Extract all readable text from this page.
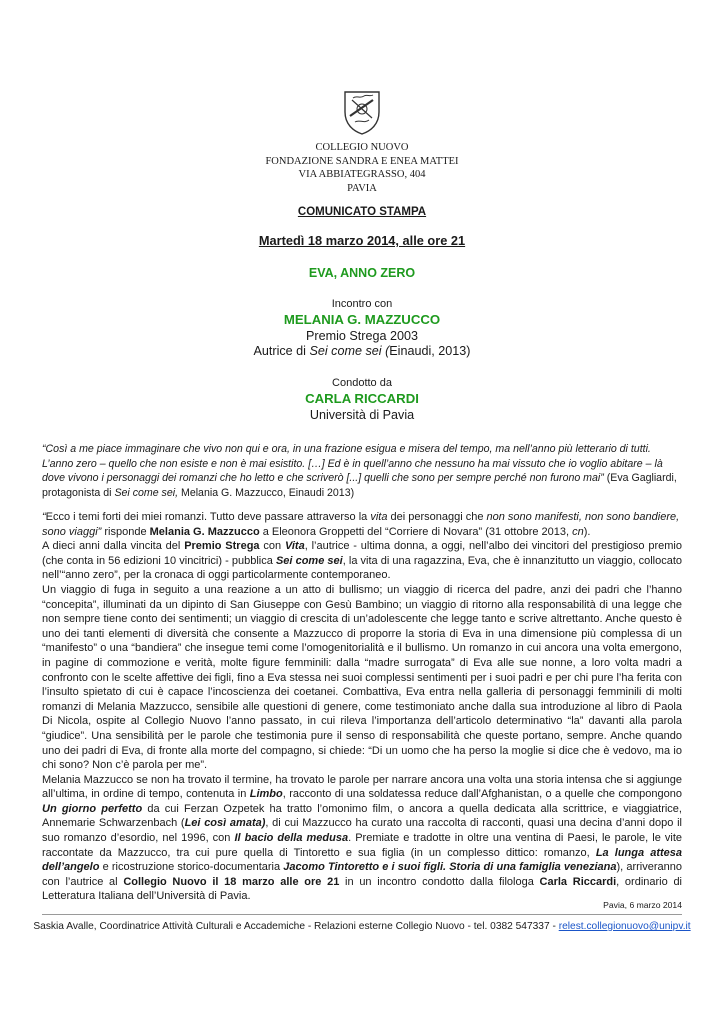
COLLEGIO NUOVO
FONDAZIONE SANDRA E ENEA MATTEI
VIA ABBIATEGRASSO, 404
PAVIA
COMUNICATO STAMPA
Martedì 18 marzo 2014, alle ore 21
EVA, ANNO ZERO
Incontro con
MELANIA G. MAZZUCCO
Premio Strega 2003
Autrice di Sei come sei (Einaudi, 2013)
Condotto da
CARLA RICCARDI
Università di Pavia
“Così a me piace immaginare che vivo non qui e ora, in una frazione esigua e misera del tempo, ma nell’anno più letterario di tutti. L’anno zero – quello che non esiste e non è mai esistito. […] Ed è in quell’anno che nessuno ha mai vissuto che io voglio abitare – là dove vivono i personaggi dei romanzi che ho letto e che scriverò [...] quelli che sono per sempre perché non furono mai” (Eva Gagliardi, protagonista di Sei come sei, Melania G. Mazzucco, Einaudi 2013)

“Ecco i temi forti dei miei romanzi. Tutto deve passare attraverso la vita dei personaggi che non sono manifesti, non sono bandiere, sono viaggi” risponde Melania G. Mazzucco a Eleonora Groppetti del “Corriere di Novara” (31 ottobre 2013, cn).

A dieci anni dalla vincita del Premio Strega con Vita, l’autrice - ultima donna, a oggi, nell’albo dei vincitori del prestigioso premio (che conta in 56 edizioni 10 vincitrici) - pubblica Sei come sei, la vita di una ragazzina, Eva, che è innanzitutto un viaggio, collocato nell’“anno zero”, per la cronaca di oggi particolarmente contemporaneo.

Un viaggio di fuga in seguito a una reazione a un atto di bullismo; un viaggio di ricerca del padre, anzi dei padri che l’hanno “concepita”, illuminati da un dipinto di San Giuseppe con Gesù Bambino; un viaggio di ritorno alla responsabilità di una legge che non sempre tiene conto dei sentimenti; un viaggio di crescita di un’adolescente che legge tanto e scrive altrettanto. Anche questo è uno dei tanti elementi di diversità che consente a Mazzucco di proporre la storia di Eva in una dimensione più complessa di un “manifesto” o una “bandiera” che insegue temi come l’omogenitorialità e il bullismo. Un romanzo in cui ancora una volta emergono, in pagine di commozione e verità, molte figure femminili: dalla “madre surrogata” di Eva alle sue nonne, a loro volta madri a confronto con le scelte affettive dei figli, fino a Eva stessa nei suoi complessi sentimenti per i suoi padri e per chi pure l’ha ferita con l’insulto spietato di cui è capace l’incoscienza dei coetanei. Combattiva, Eva entra nella galleria di personaggi femminili di molti romanzi di Melania Mazzucco, sensibile alle questioni di genere, come testimoniato anche dalla sua introduzione al libro di Paola Di Nicola, ospite al Collegio Nuovo l’anno passato, in cui rileva l’importanza dell’articolo determinativo “la” davanti alla parola “giudice”. Una sensibilità per le parole che testimonia pure il senso di responsabilità che queste portano, sempre. Anche quando uno dei padri di Eva, di fronte alla morte del compagno, si chiede: “Di un uomo che ha perso la moglie si dice che è vedovo, ma io chi sono? Non c’è parola per me”.

Melania Mazzucco se non ha trovato il termine, ha trovato le parole per narrare ancora una volta una storia intensa che si aggiunge all’ultima, in ordine di tempo, contenuta in Limbo, racconto di una soldatessa reduce dall’Afghanistan, o a quelle che compongono Un giorno perfetto da cui Ferzan Ozpetek ha tratto l’omonimo film, o ancora a quella dedicata alla scrittrice, e viaggiatrice, Annemarie Schwarzenbach (Lei così amata), di cui Mazzucco ha curato una raccolta di racconti, quasi una decina d’anni dopo il suo romanzo d’esordio, nel 1996, con Il bacio della medusa. Premiate e tradotte in oltre una ventina di Paesi, le parole, le vite raccontate da Mazzucco, tra cui pure quella di Tintoretto e sua figlia (in un complesso dittico: romanzo, La lunga attesa dell’angelo e ricostruzione storico-documentaria Jacomo Tintoretto e i suoi figli. Storia di una famiglia veneziana), arriveranno con l’autrice al Collegio Nuovo il 18 marzo alle ore 21 in un incontro condotto dalla filologa Carla Riccardi, ordinario di Letteratura Italiana dell’Università di Pavia.

Pavia, 6 marzo 2014
Saskia Avalle, Coordinatrice Attività Culturali e Accademiche - Relazioni esterne Collegio Nuovo - tel. 0382 547337 - relest.collegionuovo@unipv.it
